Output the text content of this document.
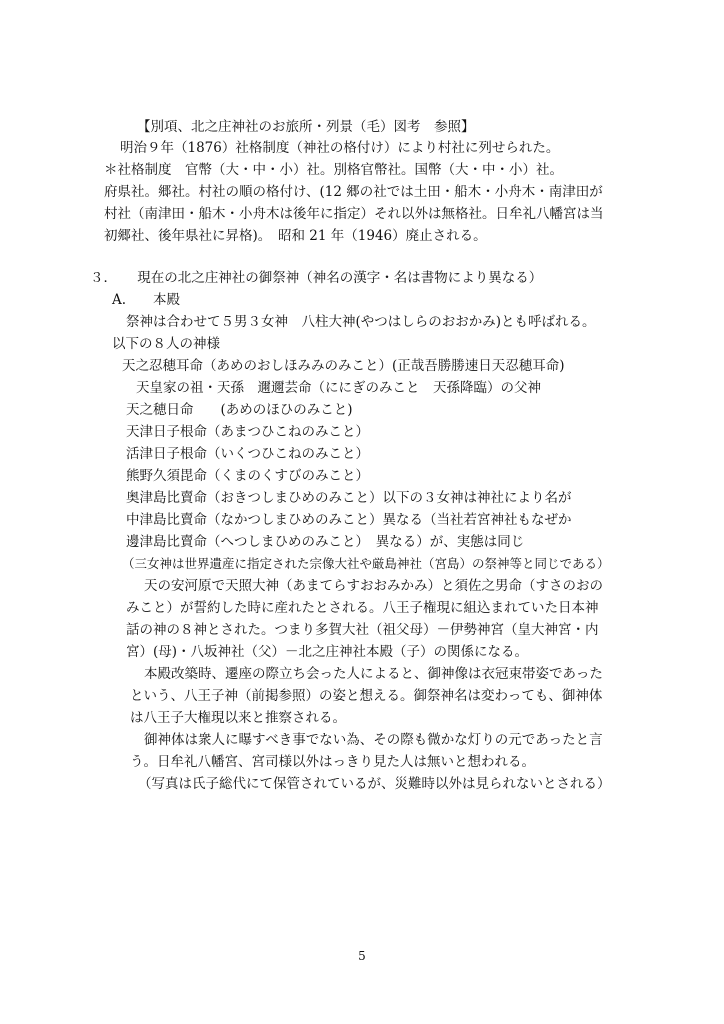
【別項、北之庄神社のお旅所・列景（毛）図考　参照】
明治９年（1876）社格制度（神社の格付け）により村社に列せられた。
＊社格制度　官幣（大・中・小）社。別格官幣社。国幣（大・中・小）社。
府県社。郷社。村社の順の格付け、(12 郷の社では土田・船木・小舟木・南津田が
村社（南津田・船木・小舟木は後年に指定）それ以外は無格社。日牟礼八幡宮は当
初郷社、後年県社に昇格)。　昭和 21 年（1946）廃止される。
３．　　現在の北之庄神社の御祭神（神名の漢字・名は書物により異なる）
A.　　本殿
祭神は合わせて５男３女神　八柱大神(やつはしらのおおかみ)とも呼ばれる。
以下の８人の神様
天之忍穂耳命（あめのおしほみみのみこと）(正哉吾勝勝速日天忍穂耳命)
天皇家の祖・天孫　邇邇芸命（ににぎのみこと　天孫降臨）の父神
天之穂日命　　(あめのほひのみこと)
天津日子根命（あまつひこねのみこと）
活津日子根命（いくつひこねのみこと）
熊野久須毘命（くまのくすびのみこと）
奥津島比賣命（おきつしまひめのみこと）以下の３女神は神社により名が
中津島比賣命（なかつしまひめのみこと）異なる（当社若宮神社もなぜか
邊津島比賣命（へつしまひめのみこと）　異なる）が、実態は同じ
（三女神は世界遺産に指定された宗像大社や厳島神社（宮島）の祭神等と同じである）
天の安河原で天照大神（あまてらすおおみかみ）と須佐之男命（すさのおの
みこと）が誓約した時に産れたとされる。八王子権現に組込まれていた日本神
話の神の８神とされた。つまり多賀大社（祖父母）－伊勢神宮（皇大神宮・内
宮）(母)・八坂神社（父）－北之庄神社本殿（子）の関係になる。
本殿改築時、遷座の際立ち会った人によると、御神像は衣冠束帯姿であった
という、八王子神（前掲参照）の姿と想える。御祭神名は変わっても、御神体
は八王子大権現以来と推察される。
御神体は衆人に曝すべき事でない為、その際も微かな灯りの元であったと言
う。日牟礼八幡宮、宮司様以外はっきり見た人は無いと想われる。
（写真は氏子総代にて保管されているが、災難時以外は見られないとされる）
5
